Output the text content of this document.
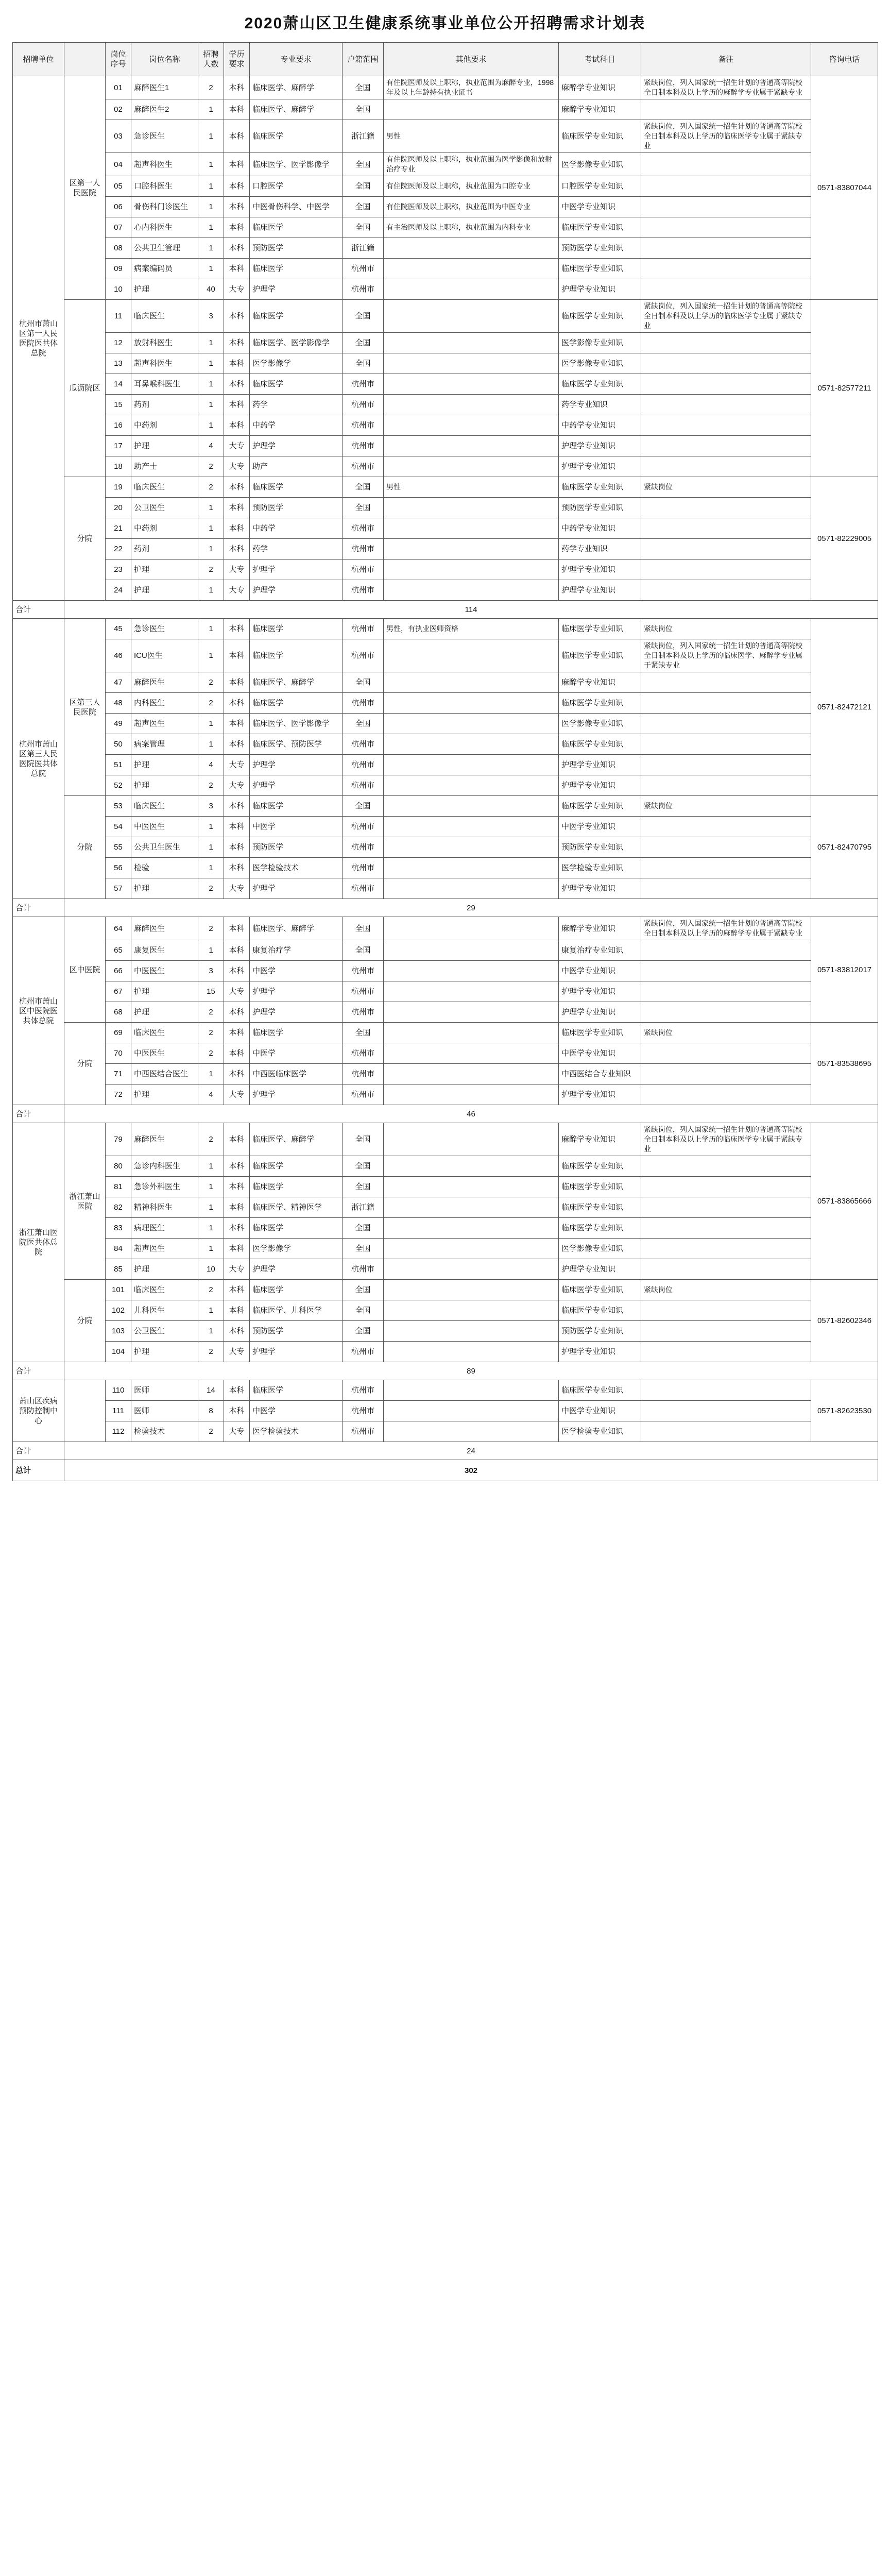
2020萧山区卫生健康系统事业单位公开招聘需求计划表
招聘单位		岗位序号	岗位名称	招聘人数	学历要求	专业要求	户籍范围	其他要求	考试科目	备注	咨询电话
杭州市萧山区第一人民医院医共体总院	区第一人民医院	01	麻醉医生1	2	本科	临床医学、麻醉学	全国	有住院医师及以上职称，执业范围为麻醉专业，1998年及以上年龄持有执业证书	麻醉学专业知识	紧缺岗位，列入国家统一招生计划的普通高等院校全日制本科及以上学历的麻醉学专业属于紧缺专业	0571-83807044
		02	麻醉医生2	1	本科	临床医学、麻醉学	全国		麻醉学专业知识		
		03	急诊医生	1	本科	临床医学	浙江籍	男性	临床医学专业知识	紧缺岗位，列入国家统一招生计划的普通高等院校全日制本科及以上学历的临床医学专业属于紧缺专业	
		04	超声科医生	1	本科	临床医学、医学影像学	全国	有住院医师及以上职称，执业范围为医学影像和放射治疗专业	医学影像专业知识		
		05	口腔科医生	1	本科	口腔医学	全国	有住院医师及以上职称，执业范围为口腔专业	口腔医学专业知识		
		06	骨伤科门诊医生	1	本科	中医骨伤科学、中医学	全国	有住院医师及以上职称，执业范围为中医专业	中医学专业知识		
		07	心内科医生	1	本科	临床医学	全国	有主治医师及以上职称，执业范围为内科专业	临床医学专业知识		
		08	公共卫生管理	1	本科	预防医学	浙江籍		预防医学专业知识		
		09	病案编码员	1	本科	临床医学	杭州市		临床医学专业知识		
		10	护理	40	大专	护理学	杭州市		护理学专业知识		
	瓜沥院区	11	临床医生	3	本科	临床医学	全国		临床医学专业知识	紧缺岗位，列入国家统一招生计划的普通高等院校全日制本科及以上学历的临床医学专业属于紧缺专业	0571-82577211
		12	放射科医生	1	本科	临床医学、医学影像学	全国		医学影像专业知识		
		13	超声科医生	1	本科	医学影像学	全国		医学影像专业知识		
		14	耳鼻喉科医生	1	本科	临床医学	杭州市		临床医学专业知识		
		15	药剂	1	本科	药学	杭州市		药学专业知识		
		16	中药剂	1	本科	中药学	杭州市		中药学专业知识		
		17	护理	4	大专	护理学	杭州市		护理学专业知识		
		18	助产士	2	大专	助产	杭州市		护理学专业知识		
	分院	19	临床医生	2	本科	临床医学	全国	男性	临床医学专业知识	紧缺岗位	0571-82229005
		20	公卫医生	1	本科	预防医学	全国		预防医学专业知识		
		21	中药剂	1	本科	中药学	杭州市		中药学专业知识		
		22	药剂	1	本科	药学	杭州市		药学专业知识		
		23	护理	2	大专	护理学	杭州市		护理学专业知识		
		24	护理	1	大专	护理学	杭州市		护理学专业知识		
合计	114										
杭州市萧山区第三人民医院医共体总院	区第三人民医院	45	急诊医生	1	本科	临床医学	杭州市	男性，有执业医师资格	临床医学专业知识	紧缺岗位	0571-82472121
		46	ICU医生	1	本科	临床医学	杭州市		临床医学专业知识	紧缺岗位，列入国家统一招生计划的普通高等院校全日制本科及以上学历的临床医学、麻醉学专业属于紧缺专业	
		47	麻醉医生	2	本科	临床医学、麻醉学	全国		麻醉学专业知识		
		48	内科医生	2	本科	临床医学	杭州市		临床医学专业知识		
		49	超声医生	1	本科	临床医学、医学影像学	全国		医学影像专业知识		
		50	病案管理	1	本科	临床医学、预防医学	杭州市		临床医学专业知识		
		51	护理	4	大专	护理学	杭州市		护理学专业知识		
		52	护理	2	大专	护理学	杭州市		护理学专业知识		
	分院	53	临床医生	3	本科	临床医学	全国		临床医学专业知识	紧缺岗位	0571-82470795
		54	中医医生	1	本科	中医学	杭州市		中医学专业知识		
		55	公共卫生医生	1	本科	预防医学	杭州市		预防医学专业知识		
		56	检验	1	本科	医学检验技术	杭州市		医学检验专业知识		
		57	护理	2	大专	护理学	杭州市		护理学专业知识		
合计	29										
杭州市萧山区中医院医共体总院	区中医院	64	麻醉医生	2	本科	临床医学、麻醉学	全国		麻醉学专业知识	紧缺岗位，列入国家统一招生计划的普通高等院校全日制本科及以上学历的麻醉学专业属于紧缺专业	0571-83812017
		65	康复医生	1	本科	康复治疗学	全国		康复治疗专业知识		
		66	中医医生	3	本科	中医学	杭州市		中医学专业知识		
		67	护理	15	大专	护理学	杭州市		护理学专业知识		
		68	护理	2	本科	护理学	杭州市		护理学专业知识		
	分院	69	临床医生	2	本科	临床医学	全国		临床医学专业知识	紧缺岗位	0571-83538695
		70	中医医生	2	本科	中医学	杭州市		中医学专业知识		
		71	中西医结合医生	1	本科	中西医临床医学	杭州市		中西医结合专业知识		
		72	护理	4	大专	护理学	杭州市		护理学专业知识		
合计	46										
浙江萧山医院医共体总院	浙江萧山医院	79	麻醉医生	2	本科	临床医学、麻醉学	全国		麻醉学专业知识	紧缺岗位，列入国家统一招生计划的普通高等院校全日制本科及以上学历的临床医学专业属于紧缺专业	0571-83865666
		80	急诊内科医生	1	本科	临床医学	全国		临床医学专业知识		
		81	急诊外科医生	1	本科	临床医学	全国		临床医学专业知识		
		82	精神科医生	1	本科	临床医学、精神医学	浙江籍		临床医学专业知识		
		83	病理医生	1	本科	临床医学	全国		临床医学专业知识		
		84	超声医生	1	本科	医学影像学	全国		医学影像专业知识		
		85	护理	10	大专	护理学	杭州市		护理学专业知识		
	分院	101	临床医生	2	本科	临床医学	全国		临床医学专业知识	紧缺岗位	0571-82602346
		102	儿科医生	1	本科	临床医学、儿科医学	全国		临床医学专业知识		
		103	公卫医生	1	本科	预防医学	全国		预防医学专业知识		
		104	护理	2	大专	护理学	杭州市		护理学专业知识		
合计	89										
萧山区疾病预防控制中心		110	医师	14	本科	临床医学	杭州市		临床医学专业知识		0571-82623530
		111	医师	8	本科	中医学	杭州市		中医学专业知识		
		112	检验技术	2	大专	医学检验技术	杭州市		医学检验专业知识		
合计	24										
总计	302										
